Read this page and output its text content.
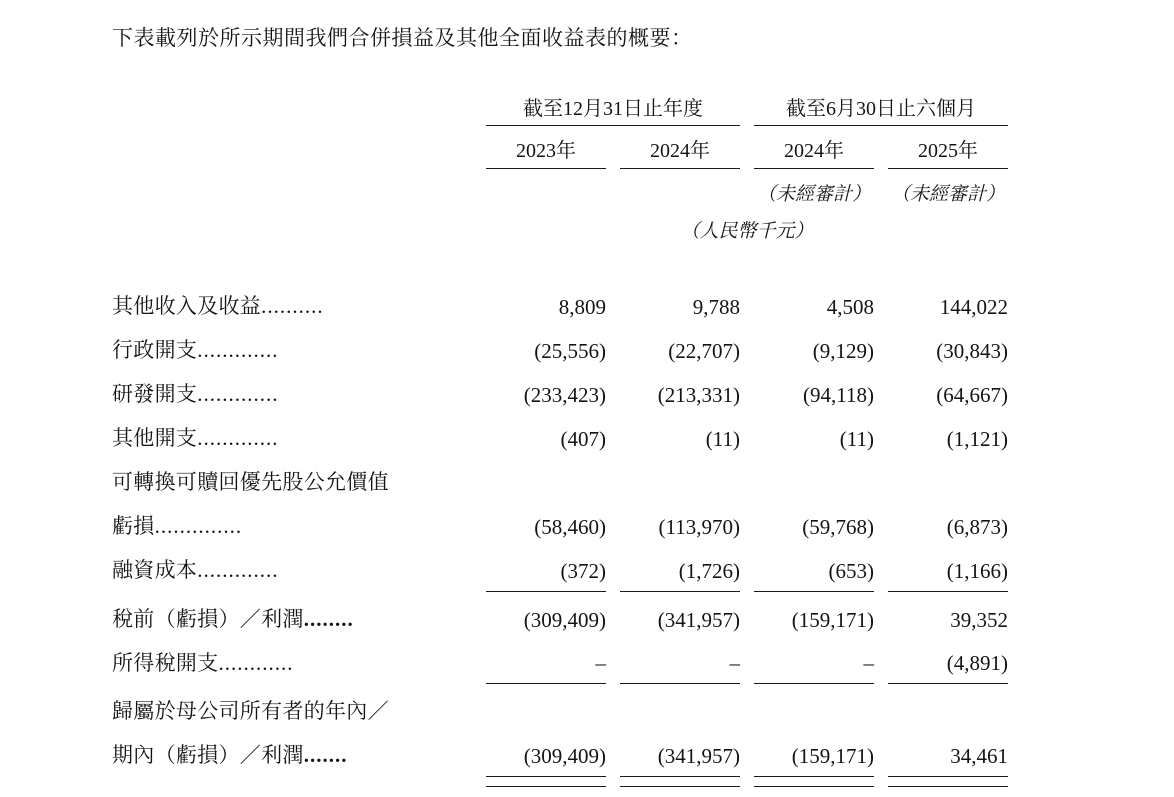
下表載列於所示期間我們合併損益及其他全面收益表的概要：
		截至12月31日止年度				截至6月30日止六個月		
		2023年		2024年		2024年		2025年
						（未經審計）		（未經審計）
				（人民幣千元）				

其他收入及收益..........		8,809		9,788		4,508		144,022
行政開支.............		(25,556)		(22,707)		(9,129)		(30,843)
研發開支.............		(233,423)		(213,331)		(94,118)		(64,667)
其他開支.............		(407)		(11)		(11)		(1,121)
可轉換可贖回優先股公允價值								
虧損..............		(58,460)		(113,970)		(59,768)		(6,873)
融資成本.............		(372)		(1,726)		(653)		(1,166)

稅前（虧損）／利潤........		(309,409)		(341,957)		(159,171)		39,352
所得稅開支............		–		–		–		(4,891)

歸屬於母公司所有者的年內／								
期內（虧損）／利潤.......		(309,409)		(341,957)		(159,171)		34,461
